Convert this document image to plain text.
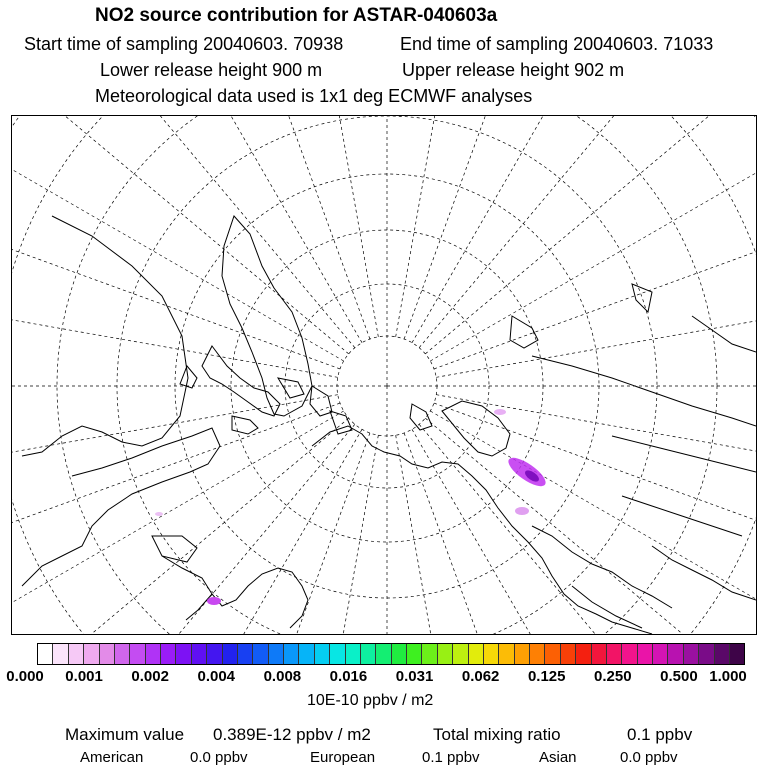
NO2 source contribution for ASTAR-040603a
Start time of sampling 20040603. 70938	End time of sampling 20040603. 71033
Lower release height 900 m	Upper release height 902 m
Meteorological data used is 1x1 deg ECMWF analyses
0.000 0.001 0.002 0.004 0.008 0.016 0.031 0.062 0.125 0.250 0.500 1.000
10E-10 ppbv / m2
Maximum value 0.389E-12 ppbv / m2	Total mixing ratio	0.1 ppbv
American	0.0 ppbv	European	0.1 ppbv	Asian	0.0 ppbv
